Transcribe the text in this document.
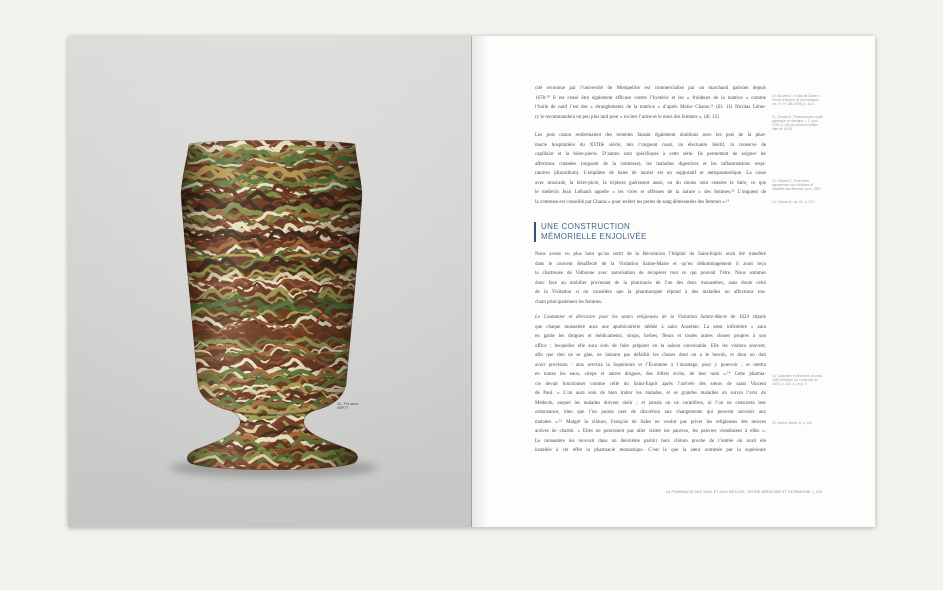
18 – Pot canon
SMP 77
cité reconnue par l’université de Montpellier est commercialisé par un marchand parisien depuis
1678.¹⁰ Il est censé être également efficace contre l’hystérie et les « froideurs de la matrice » comme
l’huile de nard l’est des « étranglements de la matrice » d’après Moïse Charas.¹¹ (ill. 11) Nicolas Léme-
ry le recommandera un peu plus tard pour « exciter l’urine et le mois des femmes ». (ill. 12)
Les pots canon renfermaient des remèdes faisant également doublons avec les pots de la phar-
macie hospitalière du XVIIIe siècle, tels l’onguent rosat, un électuaire lénitif, la conserve de
capillaire et la bière-pierre. D’autres sont spécifiques à cette série. Ils permettent de soigner les
affections cutanées (onguent de la comtesse), les maladies digestives et les inflammations respi-
ratoires (diacodium). L’emplâtre de baies de laurier est un suppuratif et antispasmodique. La casse
avec muscade, la hière-picre, la triphera guérissent aussi, ou du moins sont censées le faire, ce que
le médecin Jean Liébault appelle « les vices et offenses de la nature » des femmes.¹² L’onguent de
la comtesse est conseillé par Charas « pour arrêter les pertes de sang démesurées des femmes ».¹³
UNE CONSTRUCTION
MÉMORIELLE ENJOLIVÉE
Nous avons vu plus haut qu’au sortir de la Révolution l’hôpital du Saint-Esprit avait été transféré
dans le couvent désaffecté de la Visitation Sainte-Marie et qu’en dédommagement il avait reçu
la chartreuse de Valbonne avec autorisation de récupérer tout ce qui pouvait l’être. Nous sommes
donc face au mobilier provenant de la pharmacie de l’un des deux monastères, sans doute celui
de la Visitation si on considère que la pharmacopée répond à des maladies ou affections tou-
chant principalement les femmes.
Le Coutumier et directoire pour les sœurs religieuses de la Visitation Sainte-Marie de 1624 stipule
que chaque monastère aura une apothicairerie dédiée à saint Anselme. La sœur infirmière « aura
en garde les drogues et médicaments, sirops, herbes, fleurs et toutes autres choses propres à son
office ; lesquelles elle aura soin de faire préparer en la saison convenable. Elle les visitera souvent,
afin que rien ne se gâte, ne laissant pas défaillir les choses dont on a le besoin, et dont on doit
avoir provision : ains avertira la Supérieure et l’Économe à l’avantage, pour y pourvoir ; et mettra
en toutes les eaux, sirops et autres drogues, des billets écrits, de leur nom ».¹⁴ Cette pharma-
cie devait fonctionner comme celle du Saint-Esprit après l’arrivée des sœurs de saint Vincent
de Paul. « L’on aura soin de bien traiter les malades, et es grandes maladies on suivra l’avis du
Médecin, auquel les malades doivent obéir ; et jamais on ne contrôlera, ni l’on ne censurera leur
ordonnance, bien que l’on puisse user de discrétion aux changements qui peuvent survenir aux
malades ».¹⁵ Malgré la clôture, François de Sales ne voulut pas priver les religieuses des œuvres
actives de charité. « Elles ne pourraient pas aller visiter les pauvres, les pauvres viendraient à elles ».
Le monastère les recevait dans un deuxième parloir hors clôture proche de l’entrée où avait été
installée à cet effet la pharmacie monastique. C’est là que la sœur nommée par la supérieure
10. Bouvet M., « Lista de Galien », Revue d’histoire de la pharmacie, vol. 27, n° 185 (1936), p. 5-11.
11. Charas M., Pharmacopée royale galénique et chimique, t. 1, Lyon, 1753, p. 165 (la première édition date de 1676).
12. Liébault J., Trois livres appartenans aux infirmitez et maladies des femmes, Lyon, 1597.
13. Charas M., op. cit., p. 274.
14. Coutumier et directoire, Annecy, 1628 (réédition du Coutumier de 1624), p. 123, § 4 et p. 9.
15. Ibidem, article IX, p. 145.
LA PHARMACIE DES XVIIe ET XIXe SIÈCLES : ENTRE MÉDECINE ET PATRIMOINE | 129
